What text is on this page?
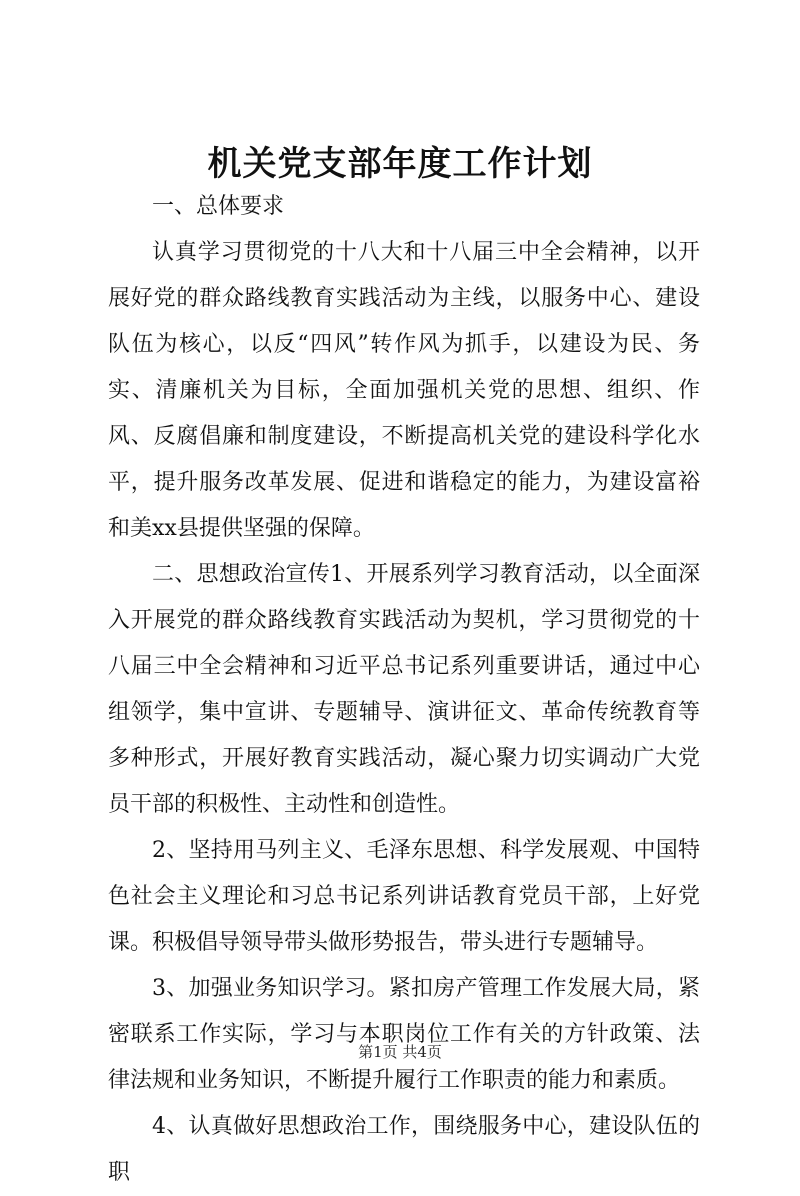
机关党支部年度工作计划

一、总体要求

认真学习贯彻党的十八大和十八届三中全会精神，以开展好党的群众路线教育实践活动为主线，以服务中心、建设队伍为核心，以反“四风”转作风为抓手，以建设为民、务实、清廉机关为目标，全面加强机关党的思想、组织、作风、反腐倡廉和制度建设，不断提高机关党的建设科学化水平，提升服务改革发展、促进和谐稳定的能力，为建设富裕和美xx县提供坚强的保障。

二、思想政治宣传1、开展系列学习教育活动，以全面深入开展党的群众路线教育实践活动为契机，学习贯彻党的十八届三中全会精神和习近平总书记系列重要讲话，通过中心组领学，集中宣讲、专题辅导、演讲征文、革命传统教育等多种形式，开展好教育实践活动，凝心聚力切实调动广大党员干部的积极性、主动性和创造性。

2、坚持用马列主义、毛泽东思想、科学发展观、中国特色社会主义理论和习总书记系列讲话教育党员干部，上好党课。积极倡导领导带头做形势报告，带头进行专题辅导。

3、加强业务知识学习。紧扣房产管理工作发展大局，紧密联系工作实际，学习与本职岗位工作有关的方针政策、法律法规和业务知识，不断提升履行工作职责的能力和素质。

4、认真做好思想政治工作，围绕服务中心，建设队伍的职

第1页 共4页
